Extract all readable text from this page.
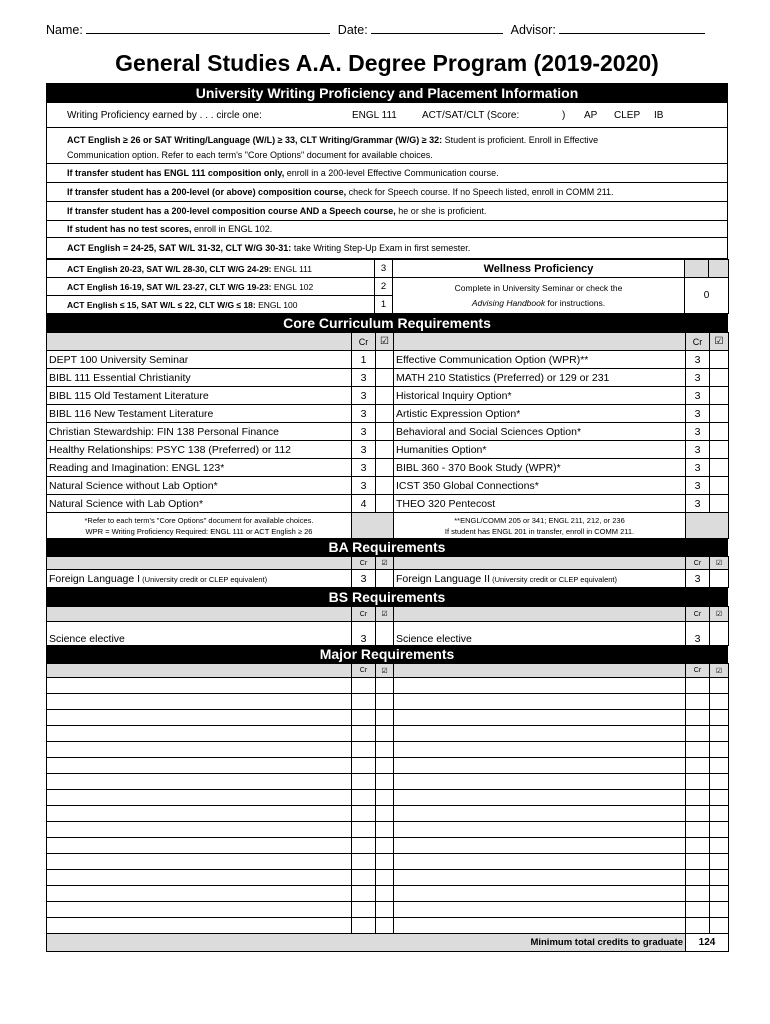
Name:	Date:	Advisor:
General Studies A.A. Degree Program (2019-2020)
University Writing Proficiency and Placement Information
Writing Proficiency earned by . . . circle one:	ENGL 111	ACT/SAT/CLT (Score:	)	AP	CLEP	IB
ACT English ≥ 26 or SAT Writing/Language (W/L) ≥ 33, CLT Writing/Grammar (W/G) ≥ 32: Student is proficient. Enroll in Effective
Communication option. Refer to each term's "Core Options" document for available choices.
If transfer student has ENGL 111 composition only,
enroll in a 200-level Effective Communication course.
If transfer student has a 200-level (or above) composition course,
check for Speech course. If no Speech listed, enroll in COMM 211.
If transfer student has a 200-level composition course AND a Speech course,
he or she is proficient.
If student has no test scores,
enroll in ENGL 102.
ACT English = 24-25, SAT W/L 31-32, CLT W/G 30-31:
take Writing Step-Up Exam in first semester.
ACT English 20-23, SAT W/L 28-30, CLT W/G 24-29: ENGL 111	3	Wellness Proficiency		
ACT English 16-19, SAT W/L 23-27, CLT W/G 19-23: ENGL 102	2	Complete in University Seminar or check the
Advising Handbook for instructions.	0	
ACT English ≤ 15, SAT W/L ≤ 22, CLT W/G ≤ 18: ENGL 100	1			
Core Curriculum Requirements
	Cr	☑		Cr	☑
DEPT 100 University Seminar	1		Effective Communication Option (WPR)**	3	
BIBL 111 Essential Christianity	3		MATH 210 Statistics (Preferred) or 129 or 231	3	
BIBL 115 Old Testament Literature	3		Historical Inquiry Option*	3	
BIBL 116 New Testament Literature	3		Artistic Expression Option*	3	
Christian Stewardship: FIN 138 Personal Finance	3		Behavioral and Social Sciences Option*	3	
Healthy Relationships: PSYC 138 (Preferred) or 112	3		Humanities Option*	3	
Reading and Imagination: ENGL 123*	3		BIBL 360 - 370 Book Study (WPR)*	3	
Natural Science without Lab Option*	3		ICST 350 Global Connections*	3	
Natural Science with Lab Option*	4		THEO 320 Pentecost	3	
*Refer to each term's "Core Options" document for available choices.
WPR = Writing Proficiency Required: ENGL 111 or ACT English ≥ 26			**ENGL/COMM 205 or 341; ENGL 211, 212, or 236
If student has ENGL 201 in transfer, enroll in COMM 211.		
BA Requirements
	Cr	☑		Cr	☑
Foreign Language I (University credit or CLEP equivalent)	3		Foreign Language II (University credit or CLEP equivalent)	3	
BS Requirements
	Cr	☑		Cr	☑
Science elective	3		Science elective	3	
Major Requirements
	Cr	☑		Cr	☑

Minimum total credits to graduate				124	
